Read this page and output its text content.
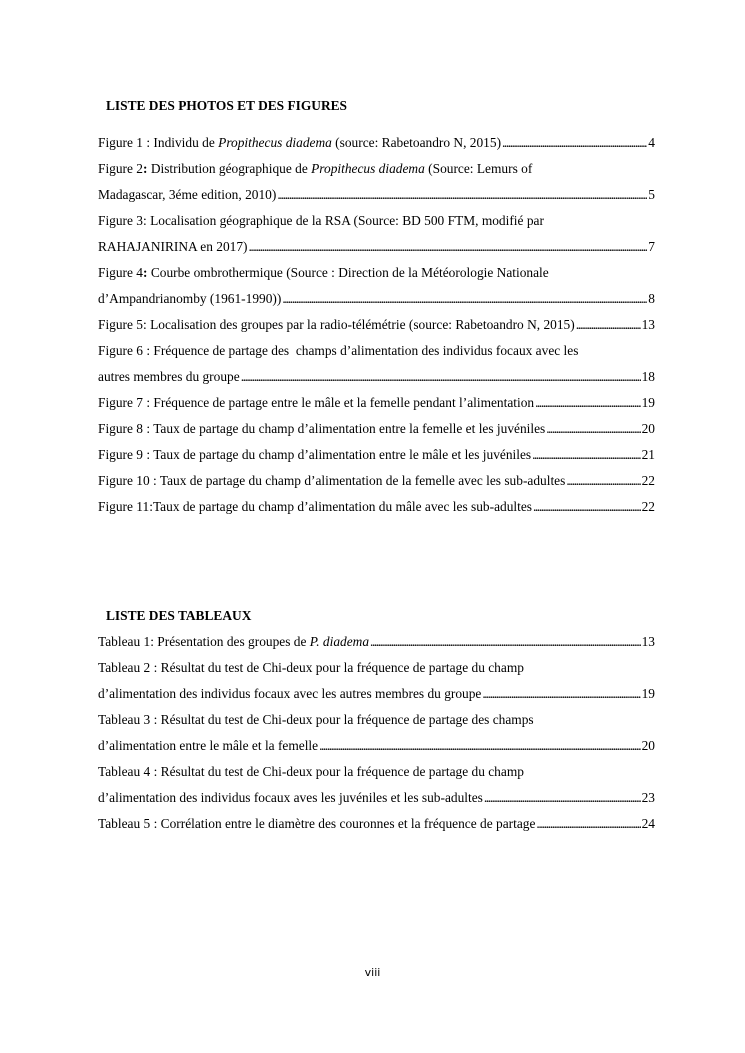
LISTE DES PHOTOS ET DES FIGURES
Figure 1 : Individu de Propithecus diadema (source: Rabetoandro N, 2015) . . .	4
Figure 2: Distribution géographique de Propithecus diadema (Source: Lemurs of
Madagascar, 3éme edition, 2010) . . .	5
Figure 3: Localisation géographique de la RSA (Source: BD 500 FTM, modifié par
RAHAJANIRINA en 2017) . . .	7
Figure 4: Courbe ombrothermique (Source : Direction de la Météorologie Nationale
d’Ampandrianomby (1961-1990)) . . .	8
Figure 5: Localisation des groupes par la radio-télémétrie (source: Rabetoandro N, 2015) . . .	13
Figure 6 : Fréquence de partage des  champs d’alimentation des individus focaux avec les
autres membres du groupe . . .	18
Figure 7 : Fréquence de partage entre le mâle et la femelle pendant l’alimentation . . .	19
Figure 8 : Taux de partage du champ d’alimentation entre la femelle et les juvéniles . . .	20
Figure 9 : Taux de partage du champ d’alimentation entre le mâle et les juvéniles . . .	21
Figure 10 : Taux de partage du champ d’alimentation de la femelle avec les sub-adultes . . .	22
Figure 11:Taux de partage du champ d’alimentation du mâle avec les sub-adultes . . .	22
LISTE DES TABLEAUX
Tableau 1: Présentation des groupes de P. diadema . . .	13
Tableau 2 : Résultat du test de Chi-deux pour la fréquence de partage du champ
d’alimentation des individus focaux avec les autres membres du groupe . . .	19
Tableau 3 : Résultat du test de Chi-deux pour la fréquence de partage des champs
d’alimentation entre le mâle et la femelle . . .	20
Tableau 4 : Résultat du test de Chi-deux pour la fréquence de partage du champ
d’alimentation des individus focaux aves les juvéniles et les sub-adultes . . .	23
Tableau 5 : Corrélation entre le diamètre des couronnes et la fréquence de partage . . .	24
viii
